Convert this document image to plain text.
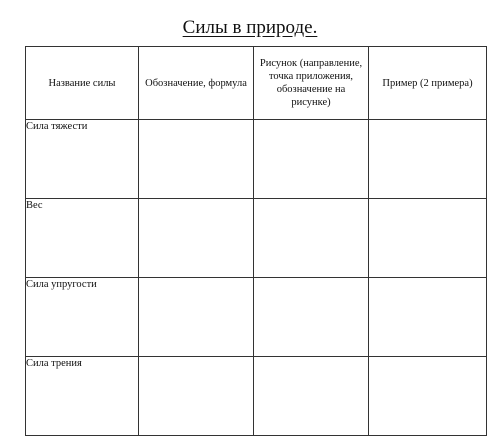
Силы в природе.
Название силы	Обозначение, формула	Рисунок (направление, точка приложения, обозначение на рисунке)	Пример (2 примера)
Сила тяжести			
Вес			
Сила упругости			
Сила трения			
